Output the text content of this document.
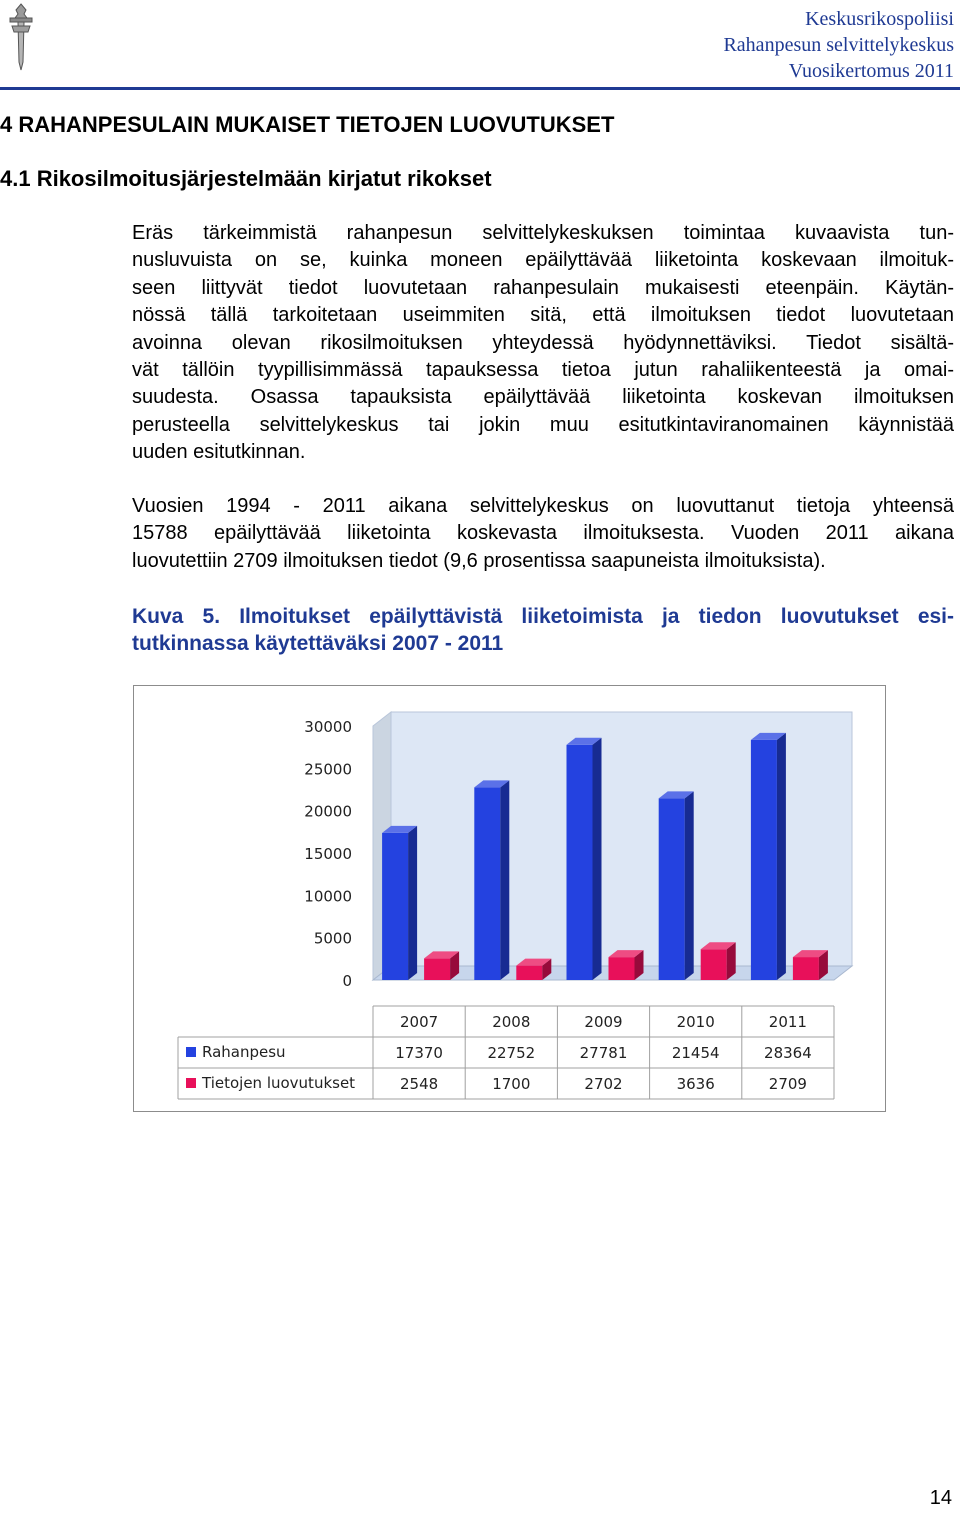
Keskusrikospoliisi
Rahanpesun selvittelykeskus
Vuosikertomus 2011
4 RAHANPESULAIN MUKAISET TIETOJEN LUOVUTUKSET
4.1 Rikosilmoitusjärjestelmään kirjatut rikokset
Eräs tärkeimmistä rahanpesun selvittelykeskuksen toimintaa kuvaavista tun-
nusluvuista on se, kuinka moneen epäilyttävää liiketointa koskevaan ilmoituk-
seen liittyvät tiedot luovutetaan rahanpesulain mukaisesti eteenpäin. Käytän-
nössä tällä tarkoitetaan useimmiten sitä, että ilmoituksen tiedot luovutetaan
avoinna olevan rikosilmoituksen yhteydessä hyödynnettäviksi. Tiedot sisältä-
vät tällöin tyypillisimmässä tapauksessa tietoa jutun rahaliikenteestä ja omai-
suudesta. Osassa tapauksista epäilyttävää liiketointa koskevan ilmoituksen
perusteella selvittelykeskus tai jokin muu esitutkintaviranomainen käynnistää
uuden esitutkinnan.
Vuosien 1994 - 2011 aikana selvittelykeskus on luovuttanut tietoja yhteensä
15788 epäilyttävää liiketointa koskevasta ilmoituksesta. Vuoden 2011 aikana
luovutettiin 2709 ilmoituksen tiedot (9,6 prosentissa saapuneista ilmoituksista).
Kuva 5. Ilmoitukset epäilyttävistä liiketoimista ja tiedon luovutukset esi-
tutkinnassa käytettäväksi 2007 - 2011
0
5000
10000
15000
20000
25000
30000
2007
17370
2548
2008
22752
1700
2009
27781
2702
2010
21454
3636
2011
28364
2709
Rahanpesu
Tietojen luovutukset
14
